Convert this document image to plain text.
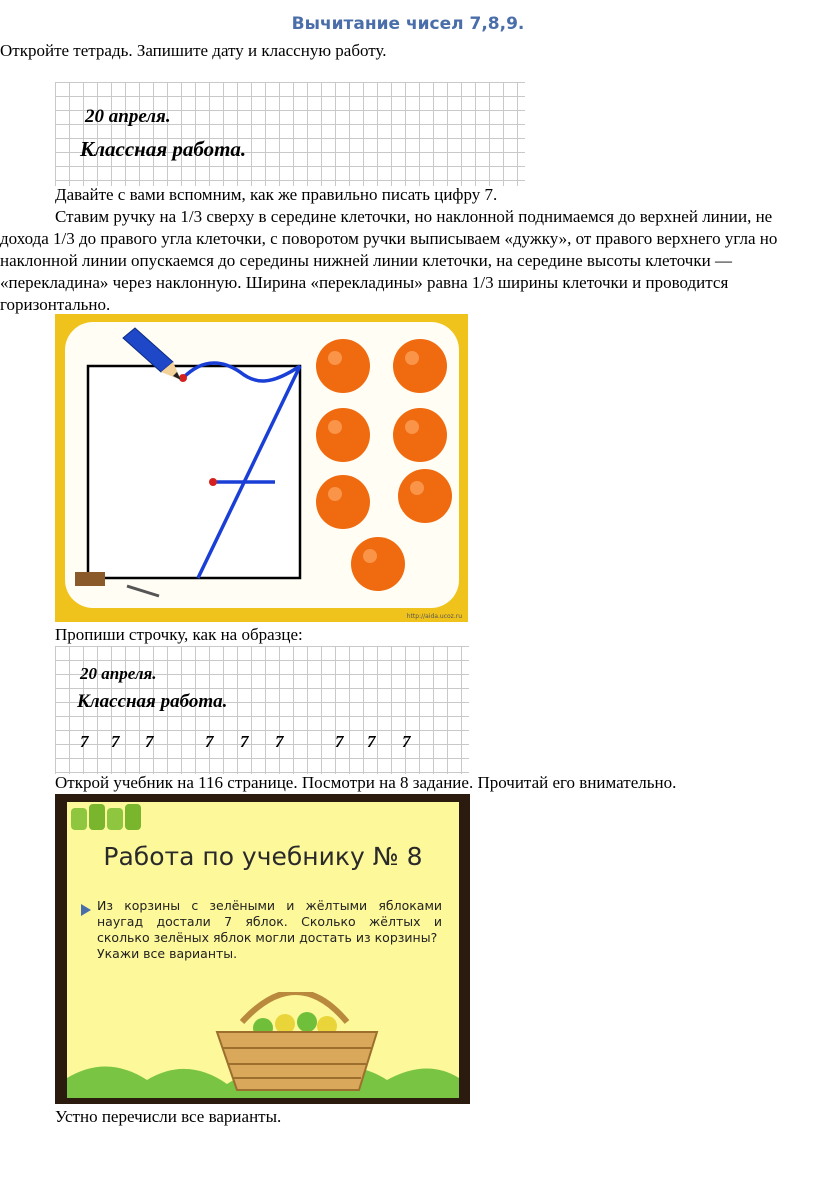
Вычитание чисел 7,8,9.
Откройте тетрадь. Запишите дату и классную работу.
20 апреля.
Классная работа.
Давайте с вами вспомним, как же правильно писать цифру 7.
Ставим ручку на 1/3 сверху в середине клеточки, но наклонной поднимаемся до верхней линии, не дохода 1/3 до правого угла клеточки, с поворотом ручки выписываем «дужку», от правого верхнего угла но наклонной линии опускаемся до середины нижней линии клеточки, на середине высоты клеточки — «перекладина» через наклонную. Ширина «перекладины» равна 1/3 ширины клеточки и проводится горизонтально.
http://aida.ucoz.ru
Пропиши строчку, как на образце:
20 апреля.
Классная работа.
7 7 7	7 7 7	7 7 7
Открой учебник на 116 странице. Посмотри на 8 задание. Прочитай его внимательно.
Работа по учебнику № 8
Из корзины с зелёными и жёлтыми яблоками наугад достали 7 яблок. Сколько жёлтых и сколько зелёных яблок могли достать из корзины?
Укажи все варианты.
Устно перечисли все варианты.
